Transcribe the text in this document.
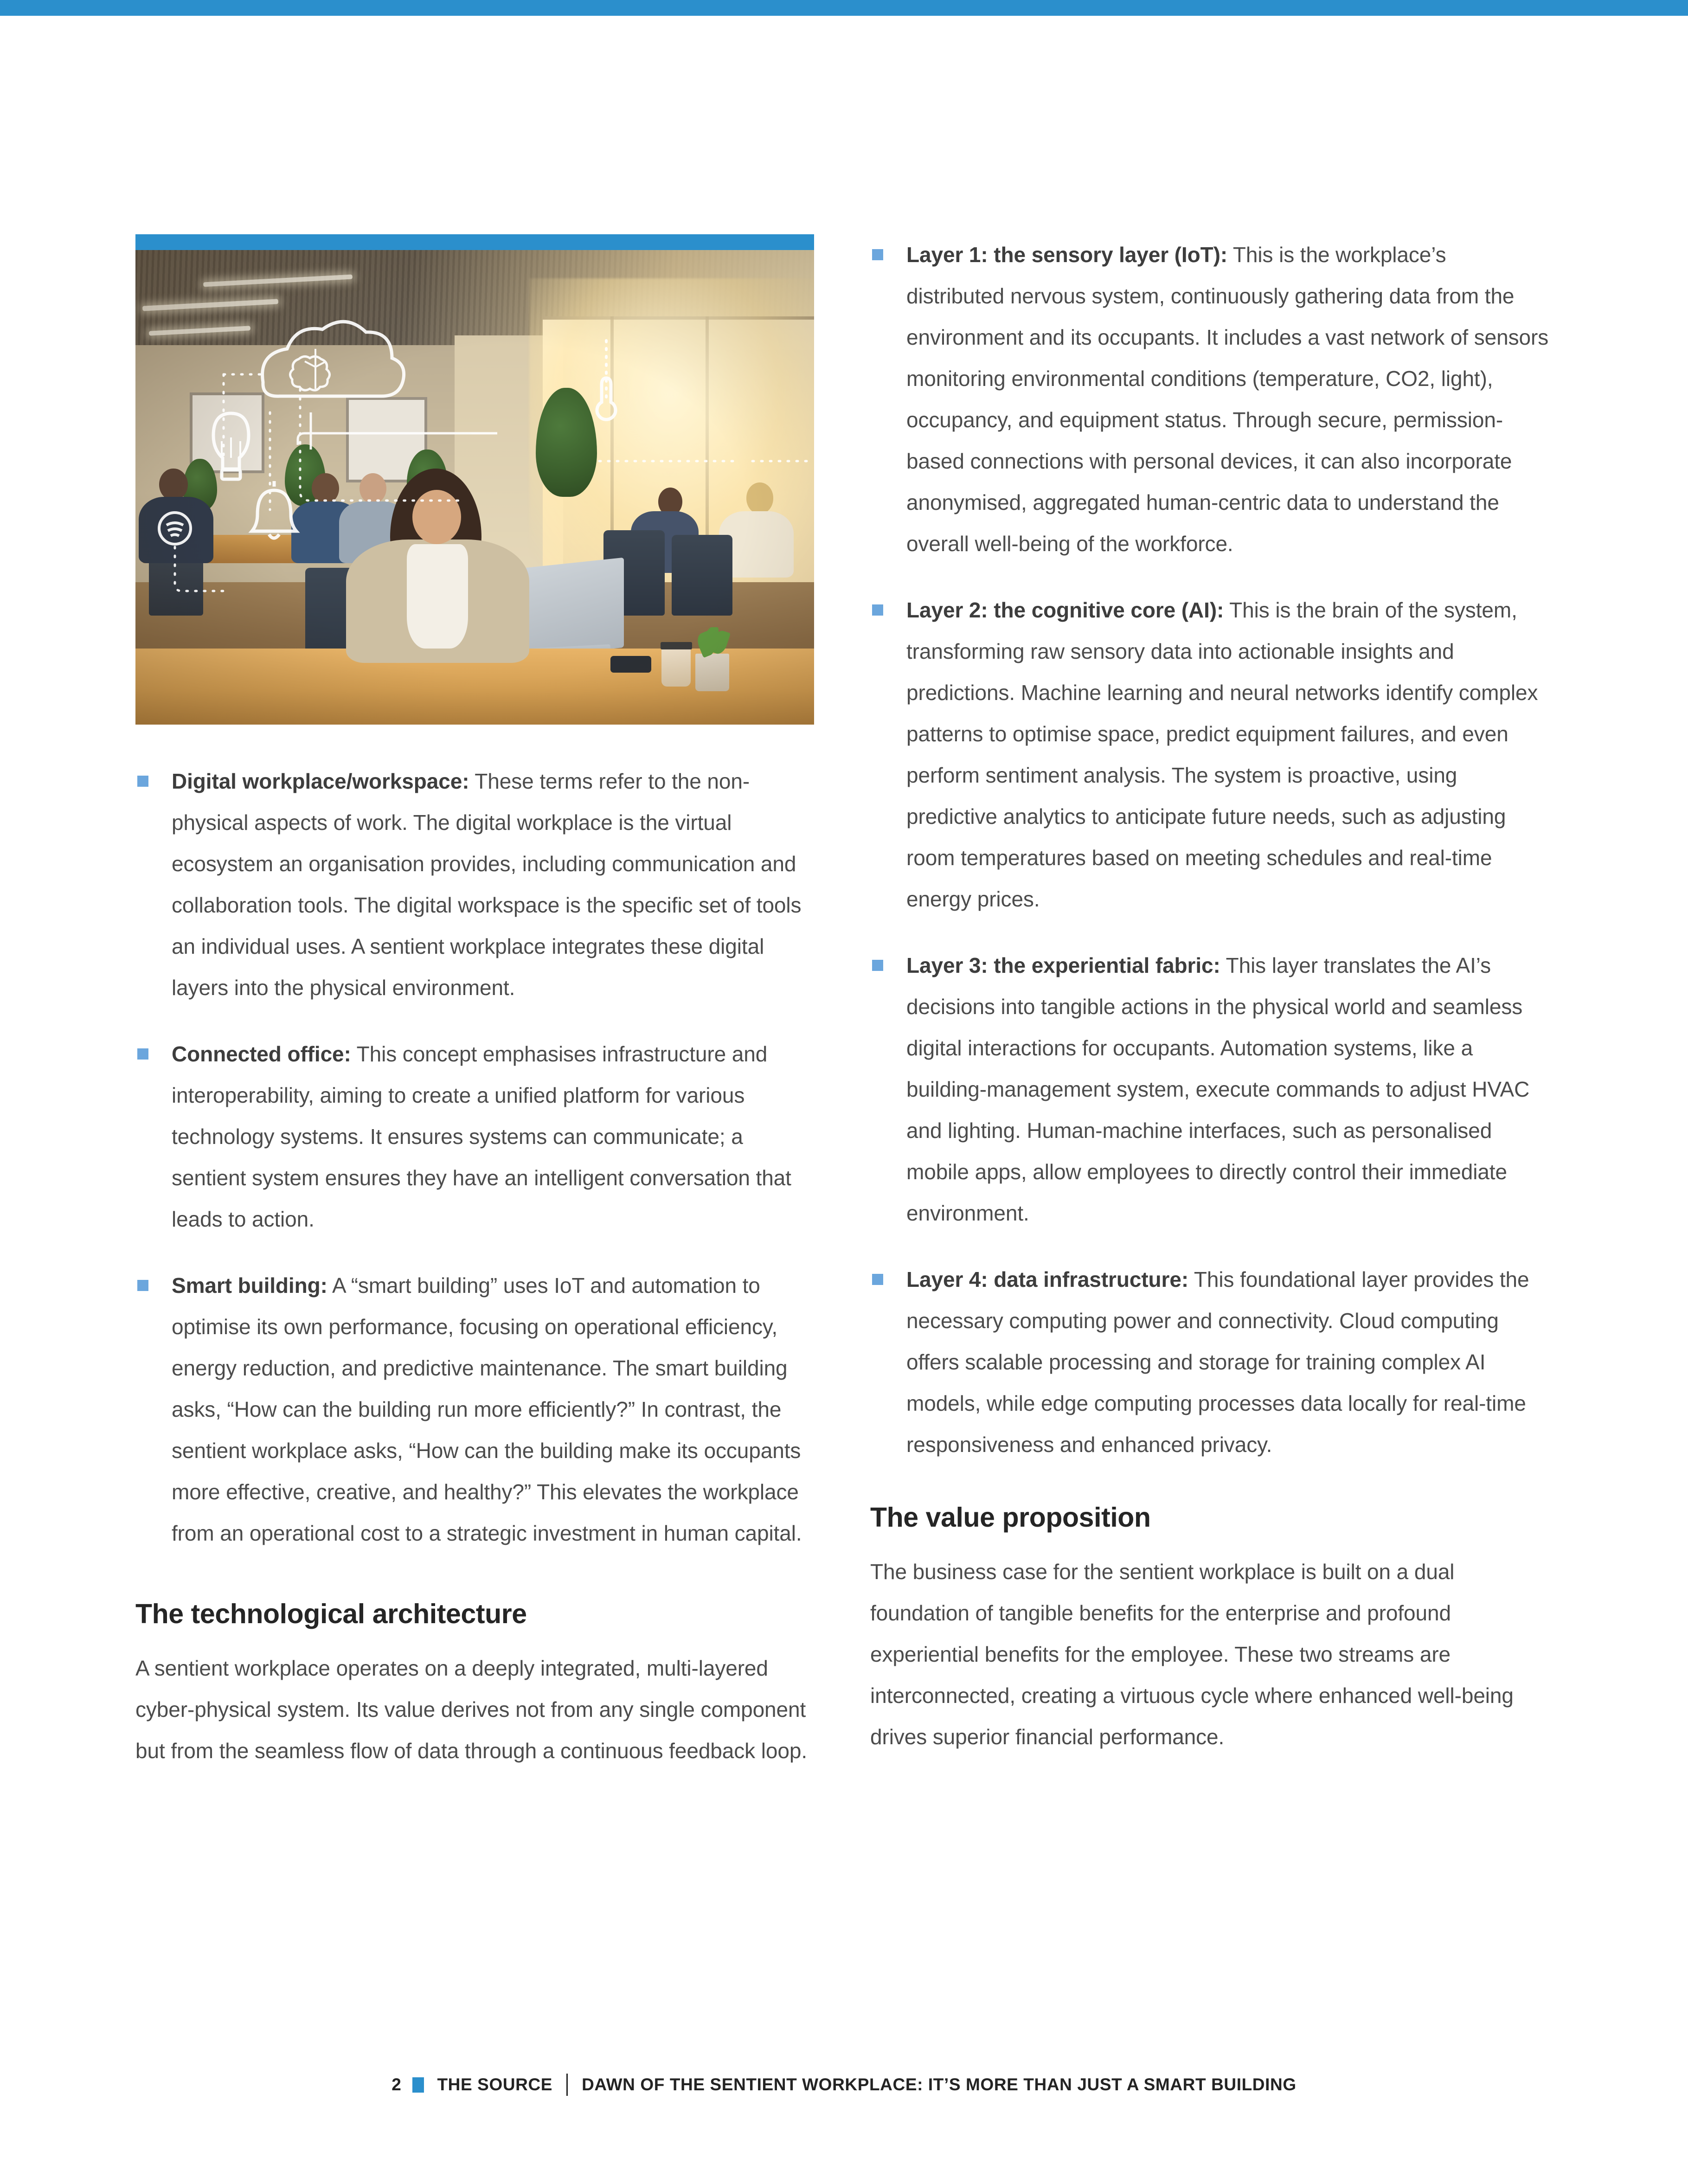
Digital workplace/workspace: These terms refer to the non-physical aspects of work. The digital workplace is the virtual ecosystem an organisation provides, including communication and collaboration tools. The digital workspace is the specific set of tools an individual uses. A sentient workplace integrates these digital layers into the physical environment.
Connected office: This concept emphasises infrastructure and interoperability, aiming to create a unified platform for various technology systems. It ensures systems can communicate; a sentient system ensures they have an intelligent conversation that leads to action.
Smart building: A “smart building” uses IoT and automation to optimise its own performance, focusing on operational efficiency, energy reduction, and predictive maintenance. The smart building asks, “How can the building run more efficiently?” In contrast, the sentient workplace asks, “How can the building make its occupants more effective, creative, and healthy?” This elevates the workplace from an operational cost to a strategic investment in human capital.
The technological architecture

A sentient workplace operates on a deeply integrated, multi-layered cyber-physical system. Its value derives not from any single component but from the seamless flow of data through a continuous feedback loop.

Layer 1: the sensory layer (IoT): This is the workplace’s distributed nervous system, continuously gathering data from the environment and its occupants. It includes a vast network of sensors monitoring environmental conditions (temperature, CO2, light), occupancy, and equipment status. Through secure, permission-based connections with personal devices, it can also incorporate anonymised, aggregated human-centric data to understand the overall well-being of the workforce.
Layer 2: the cognitive core (AI): This is the brain of the system, transforming raw sensory data into actionable insights and predictions. Machine learning and neural networks identify complex patterns to optimise space, predict equipment failures, and even perform sentiment analysis. The system is proactive, using predictive analytics to anticipate future needs, such as adjusting room temperatures based on meeting schedules and real-time energy prices.
Layer 3: the experiential fabric: This layer translates the AI’s decisions into tangible actions in the physical world and seamless digital interactions for occupants. Automation systems, like a building-management system, execute commands to adjust HVAC and lighting. Human-machine interfaces, such as personalised mobile apps, allow employees to directly control their immediate environment.
Layer 4: data infrastructure: This foundational layer provides the necessary computing power and connectivity. Cloud computing offers scalable processing and storage for training complex AI models, while edge computing processes data locally for real-time responsiveness and enhanced privacy.
The value proposition

The business case for the sentient workplace is built on a dual foundation of tangible benefits for the enterprise and profound experiential benefits for the employee. These two streams are interconnected, creating a virtuous cycle where enhanced well-being drives superior financial performance.

2 THE SOURCE DAWN OF THE SENTIENT WORKPLACE: IT’S MORE THAN JUST A SMART BUILDING
